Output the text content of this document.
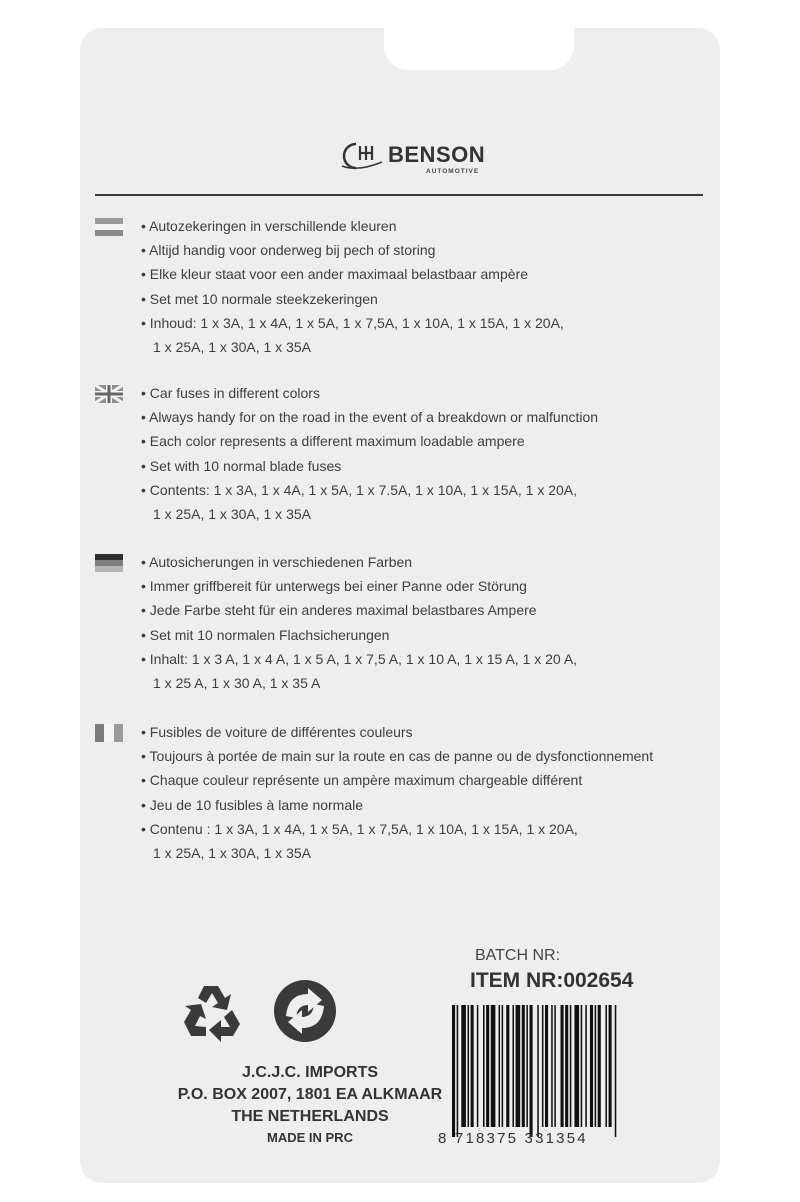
BENSON
AUTOMOTIVE
• Autozekeringen in verschillende kleuren
• Altijd handig voor onderweg bij pech of storing
• Elke kleur staat voor een ander maximaal belastbaar ampère
• Set met 10 normale steekzekeringen
• Inhoud: 1 x 3A, 1 x 4A, 1 x 5A, 1 x 7,5A, 1 x 10A, 1 x 15A, 1 x 20A,
1 x 25A, 1 x 30A, 1 x 35A
• Car fuses in different colors
• Always handy for on the road in the event of a breakdown or malfunction
• Each color represents a different maximum loadable ampere
• Set with 10 normal blade fuses
• Contents: 1 x 3A, 1 x 4A, 1 x 5A, 1 x 7.5A, 1 x 10A, 1 x 15A, 1 x 20A,
1 x 25A, 1 x 30A, 1 x 35A
• Autosicherungen in verschiedenen Farben
• Immer griffbereit für unterwegs bei einer Panne oder Störung
• Jede Farbe steht für ein anderes maximal belastbares Ampere
• Set mit 10 normalen Flachsicherungen
• Inhalt: 1 x 3 A, 1 x 4 A, 1 x 5 A, 1 x 7,5 A, 1 x 10 A, 1 x 15 A, 1 x 20 A,
1 x 25 A, 1 x 30 A, 1 x 35 A
• Fusibles de voiture de différentes couleurs
• Toujours à portée de main sur la route en cas de panne ou de dysfonctionnement
• Chaque couleur représente un ampère maximum chargeable différent
• Jeu de 10 fusibles à lame normale
• Contenu : 1 x 3A, 1 x 4A, 1 x 5A, 1 x 7,5A, 1 x 10A, 1 x 15A, 1 x 20A,
1 x 25A, 1 x 30A, 1 x 35A
BATCH NR:
ITEM NR:002654
8 718375 331354
J.C.J.C. IMPORTS
P.O. BOX 2007, 1801 EA ALKMAAR
THE NETHERLANDS
MADE IN PRC
